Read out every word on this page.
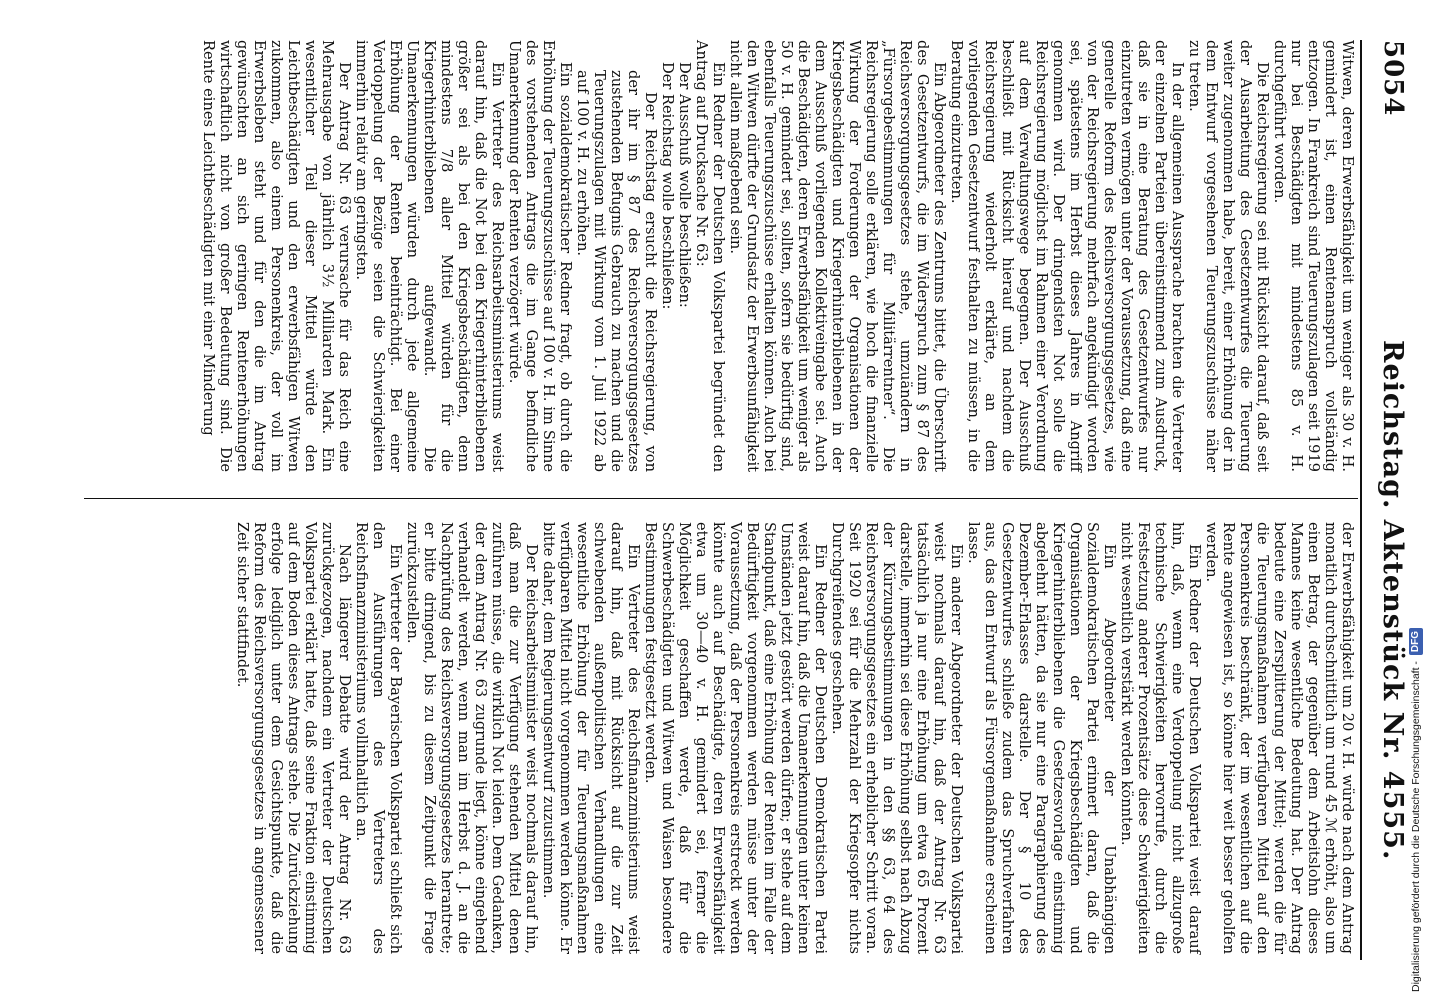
5054
Reichstag. Aktenstück Nr. 4555.

Witwen, deren Erwerbsfähigkeit um weniger als 30 v. H. gemindert ist, einen Rentenanspruch vollständig entzogen. In Frankreich sind Teuerungszulagen seit 1919 nur bei Beschädigten mit mindestens 85 v. H. durchgeführt worden.

Die Reichsregierung sei mit Rücksicht darauf, daß seit der Ausarbeitung des Gesetzentwurfes die Teuerung weiter zugenommen habe, bereit, einer Erhöhung der in dem Entwurf vorgesehenen Teuerungszuschüsse näher zu treten.

In der allgemeinen Aussprache brachten die Vertreter der einzelnen Parteien übereinstimmend zum Ausdruck, daß sie in eine Beratung des Gesetzentwurfes nur einzutreten vermögen unter der Voraussetzung, daß eine generelle Reform des Reichsversorgungsgesetzes, wie von der Reichsregierung mehrfach angekündigt worden sei, spätestens im Herbst dieses Jahres in Angriff genommen wird. Der dringendsten Not solle die Reichsregierung möglichst im Rahmen einer Verordnung auf dem Verwaltungswege begegnen. Der Ausschuß beschließt mit Rücksicht hierauf und nachdem die Reichsregierung wiederholt erklärte, an dem vorliegenden Gesetzentwurf festhalten zu müssen, in die Beratung einzutreten.

Ein Abgeordneter des Zentrums bittet, die Überschrift des Gesetzentwurfs, die im Widerspruch zum § 87 des Reichsversorgungsgesetzes stehe, umzuändern in „Fürsorgebestimmungen für Militärrentner“. Die Reichsregierung solle erklären, wie hoch die finanzielle Wirkung der Forderungen der Organisationen der Kriegsbeschädigten und Kriegerhinterbliebenen in der dem Ausschuß vorliegenden Kollektiveingabe sei. Auch die Beschädigten, deren Erwerbsfähigkeit um weniger als 50 v. H. gemindert sei, sollten, sofern sie bedürftig sind, ebenfalls Teuerungszuschüsse erhalten können. Auch bei den Witwen dürfte der Grundsatz der Erwerbsunfähigkeit nicht allein maßgebend sein.

Ein Redner der Deutschen Volkspartei begründet den Antrag auf Drucksache Nr. 63:

Der Ausschuß wolle beschließen:

Der Reichstag wolle beschließen:

Der Reichstag ersucht die Reichsregierung, von der ihr im § 87 des Reichsversorgungsgesetzes zustehenden Befugnis Gebrauch zu machen und die Teuerungszulagen mit Wirkung vom 1. Juli 1922 ab auf 100 v. H. zu erhöhen.

Ein sozialdemokratischer Redner fragt, ob durch die Erhöhung der Teuerungszuschüsse auf 100 v. H. im Sinne des vorstehenden Antrags die im Gange befindliche Umanerkennung der Renten verzögert würde.

Ein Vertreter des Reichsarbeitsministeriums weist darauf hin, daß die Not bei den Kriegerhinterbliebenen größer sei als bei den Kriegsbeschädigten, denn mindestens 7/8 aller Mittel würden für die Kriegerhinterbliebenen aufgewandt. Die Umanerkennungen würden durch jede allgemeine Erhöhung der Renten beeinträchtigt. Bei einer Verdoppelung der Bezüge seien die Schwierigkeiten immerhin relativ am geringsten.

Der Antrag Nr. 63 verursache für das Reich eine Mehrausgabe von jährlich 3½ Milliarden Mark. Ein wesentlicher Teil dieser Mittel würde den Leichtbeschädigten und den erwerbsfähigen Witwen zukommen, also einem Personenkreis, der voll im Erwerbsleben steht und für den die im Antrag gewünschten an sich geringen Rentenerhöhungen wirtschaftlich nicht von großer Bedeutung sind. Die Rente eines Leichtbeschädigten mit einer Minderung

der Erwerbsfähigkeit um 20 v. H. würde nach dem Antrag monatlich durchschnittlich um rund 45 ℳ erhöht, also um einen Betrag, der gegenüber dem Arbeitslohn dieses Mannes keine wesentliche Bedeutung hat. Der Antrag bedeute eine Zersplitterung der Mittel; werden die für die Teuerungsmaßnahmen verfügbaren Mittel auf den Personenkreis beschränkt, der im wesentlichen auf die Rente angewiesen ist, so könne hier weit besser geholfen werden.

Ein Redner der Deutschen Volkspartei weist darauf hin, daß, wenn eine Verdoppelung nicht allzugroße technische Schwierigkeiten hervorrufe, durch die Festsetzung anderer Prozentsätze diese Schwierigkeiten nicht wesentlich verstärkt werden könnten.

Ein Abgeordneter der Unabhängigen Sozialdemokratischen Partei erinnert daran, daß die Organisationen der Kriegsbeschädigten und Kriegerhinterbliebenen die Gesetzesvorlage einstimmig abgelehnt hätten, da sie nur eine Paragraphierung des Dezember-Erlasses darstelle. Der § 10 des Gesetzentwurfes schließe zudem das Spruchverfahren aus, das den Entwurf als Fürsorgemaßnahme erscheinen lasse.

Ein anderer Abgeordneter der Deutschen Volkspartei weist nochmals darauf hin, daß der Antrag Nr. 63 tatsächlich ja nur eine Erhöhung um etwa 65 Prozent darstelle, immerhin sei diese Erhöhung selbst nach Abzug der Kürzungsbestimmungen in den §§ 63, 64 des Reichsversorgungsgesetzes ein erheblicher Schritt voran. Seit 1920 sei für die Mehrzahl der Kriegsopfer nichts Durchgreifendes geschehen.

Ein Redner der Deutschen Demokratischen Partei weist darauf hin, daß die Umanerkennungen unter keinen Umständen jetzt gestört werden dürfen; er stehe auf dem Standpunkt, daß eine Erhöhung der Renten im Falle der Bedürftigkeit vorgenommen werden müsse unter der Voraussetzung, daß der Personenkreis erstreckt werden könnte auch auf Beschädigte, deren Erwerbsfähigkeit etwa um 30—40 v. H. gemindert sei, ferner die Möglichkeit geschaffen werde, daß für die Schwerbeschädigten und Witwen und Waisen besondere Bestimmungen festgesetzt werden.

Ein Vertreter des Reichsfinanzministeriums weist darauf hin, daß mit Rücksicht auf die zur Zeit schwebenden außenpolitischen Verhandlungen eine wesentliche Erhöhung der für Teuerungsmaßnahmen verfügbaren Mittel nicht vorgenommen werden könne. Er bitte daher, dem Regierungsentwurf zuzustimmen.

Der Reichsarbeitsminister weist nochmals darauf hin, daß man die zur Verfügung stehenden Mittel denen zuführen müsse, die wirklich Not leiden. Dem Gedanken, der dem Antrag Nr. 63 zugrunde liegt, könne eingehend verhandelt werden, wenn man im Herbst d. J. an die Nachprüfung des Reichsversorgungsgesetzes herantrete; er bitte dringend, bis zu diesem Zeitpunkt die Frage zurückzustellen.

Ein Vertreter der Bayerischen Volkspartei schließt sich den Ausführungen des Vertreters des Reichsfinanzministeriums vollinhaltlich an.

Nach längerer Debatte wird der Antrag Nr. 63 zurückgezogen, nachdem ein Vertreter der Deutschen Volkspartei erklärt hatte, daß seine Fraktion einstimmig auf dem Boden dieses Antrags stehe. Die Zurückziehung erfolge lediglich unter dem Gesichtspunkte, daß die Reform des Reichsversorgungsgesetzes in angemessener Zeit sicher stattfindet.

Digitalisierung gefördert durch die Deutsche Forschungsgemeinschaft -DFG
